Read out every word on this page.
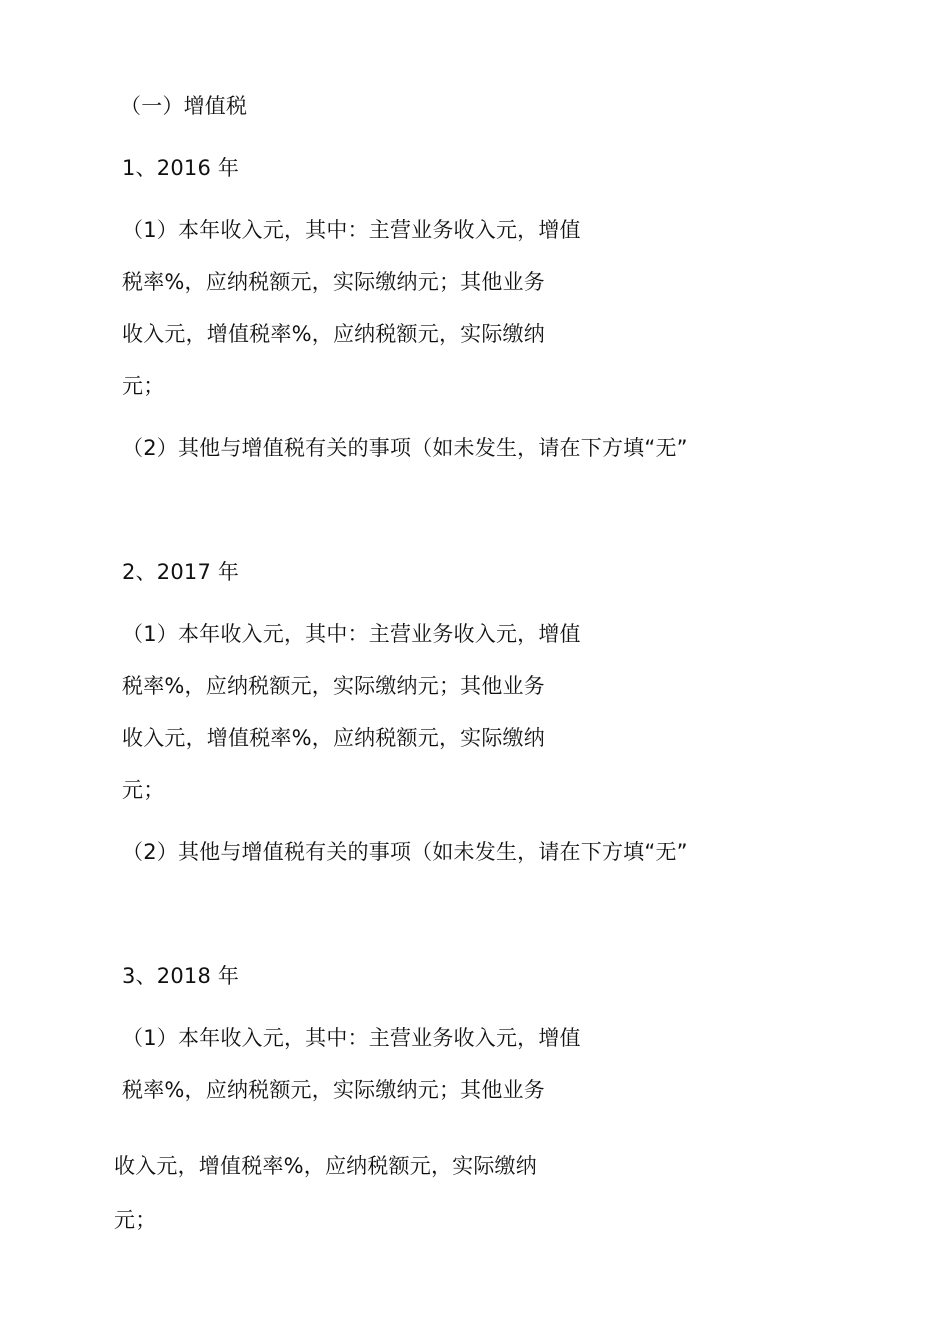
（一）增值税
1、2016 年
（1）本年收入元，其中：主营业务收入元，增值
税率%，应纳税额元，实际缴纳元；其他业务
收入元，增值税率%，应纳税额元，实际缴纳
元；
（2）其他与增值税有关的事项（如未发生，请在下方填“无”
2、2017 年
（1）本年收入元，其中：主营业务收入元，增值
税率%，应纳税额元，实际缴纳元；其他业务
收入元，增值税率%，应纳税额元，实际缴纳
元；
（2）其他与增值税有关的事项（如未发生，请在下方填“无”
3、2018 年
（1）本年收入元，其中：主营业务收入元，增值
税率%，应纳税额元，实际缴纳元；其他业务
收入元，增值税率%，应纳税额元，实际缴纳
元；
